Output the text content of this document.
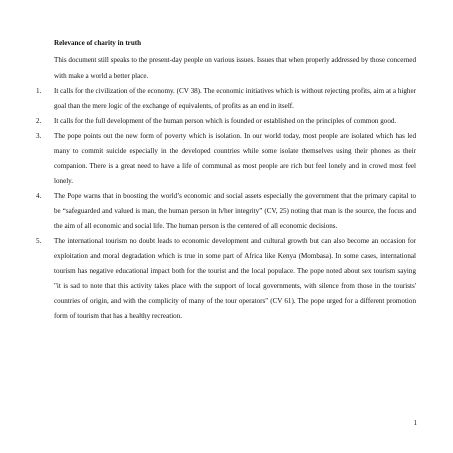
Relevance of charity in truth
This document still speaks to the present-day people on various issues. Issues that when properly addressed by those concerned with make a world a better place.
1. It calls for the civilization of the economy. (CV 38). The economic initiatives which is without rejecting profits, aim at a higher goal than the mere logic of the exchange of equivalents, of profits as an end in itself.
2. It calls for the full development of the human person which is founded or established on the principles of common good.
3. The pope points out the new form of poverty which is isolation. In our world today, most people are isolated which has led many to commit suicide especially in the developed countries while some isolate themselves using their phones as their companion. There is a great need to have a life of communal as most people are rich but feel lonely and in crowd most feel lonely.
4. The Pope warns that in boosting the world’s economic and social assets especially the government that the primary capital to be “safeguarded and valued is man, the human person in h/her integrity” (CV, 25) noting that man is the source, the focus and the aim of all economic and social life. The human person is the centered of all economic decisions.
5. The international tourism no doubt leads to economic development and cultural growth but can also become an occasion for exploitation and moral degradation which is true in some part of Africa like Kenya (Mombasa). In some cases, international tourism has negative educational impact both for the tourist and the local populace. The pope noted about sex tourism saying "it is sad to note that this activity takes place with the support of local governments, with silence from those in the tourists' countries of origin, and with the complicity of many of the tour operators" (CV 61). The pope urged for a different promotion form of tourism that has a healthy recreation.
1
